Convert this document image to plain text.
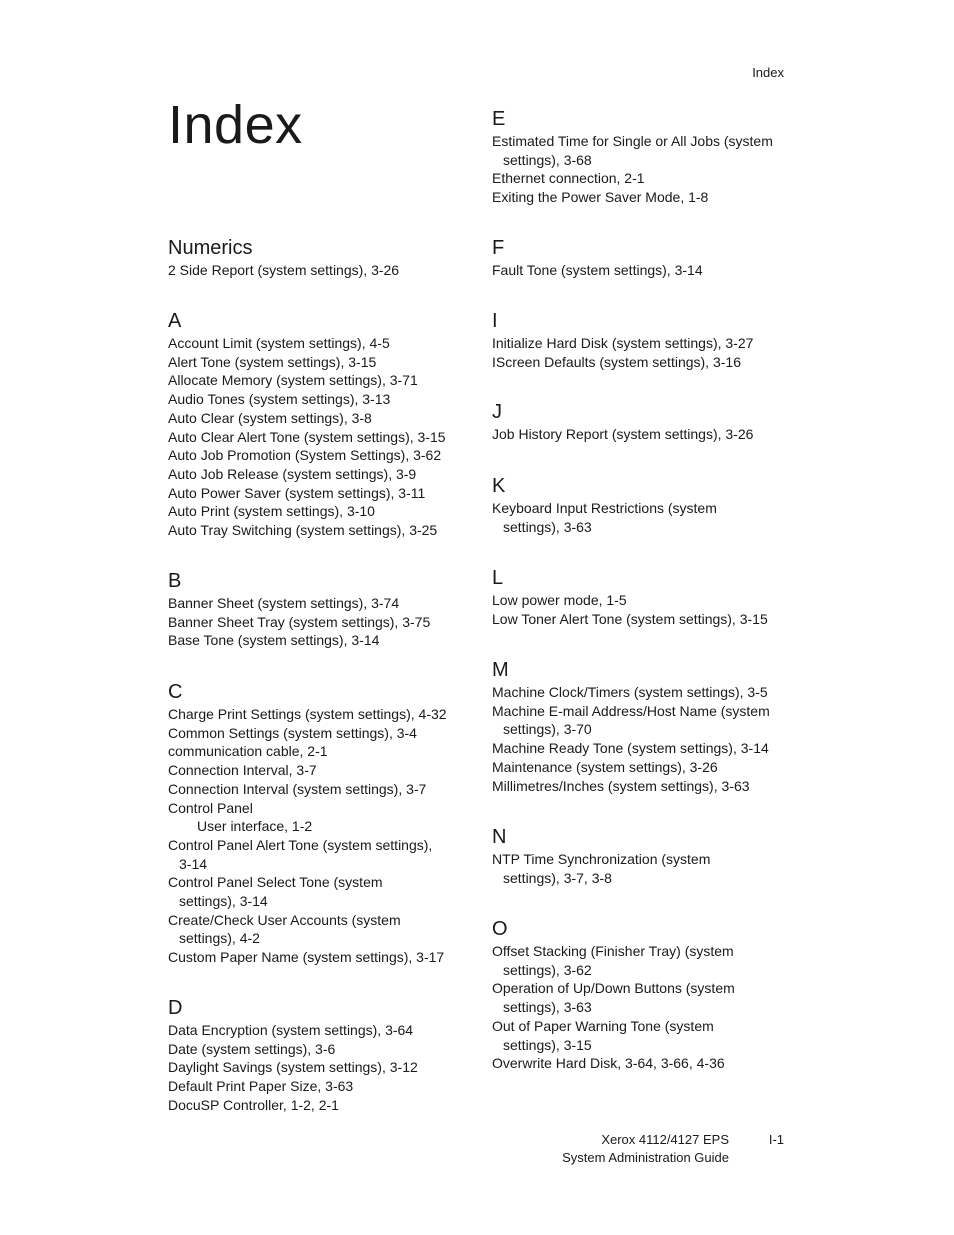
Index
Index
Numerics
2 Side Report (system settings), 3-26
A
Account Limit (system settings), 4-5
Alert Tone (system settings), 3-15
Allocate Memory (system settings), 3-71
Audio Tones (system settings), 3-13
Auto Clear (system settings), 3-8
Auto Clear Alert Tone (system settings), 3-15
Auto Job Promotion (System Settings), 3-62
Auto Job Release (system settings), 3-9
Auto Power Saver (system settings), 3-11
Auto Print (system settings), 3-10
Auto Tray Switching (system settings), 3-25
B
Banner Sheet (system settings), 3-74
Banner Sheet Tray (system settings), 3-75
Base Tone (system settings), 3-14
C
Charge Print Settings (system settings), 4-32
Common Settings (system settings), 3-4
communication cable, 2-1
Connection Interval, 3-7
Connection Interval (system settings), 3-7
Control Panel
User interface, 1-2
Control Panel Alert Tone (system settings),
3-14
Control Panel Select Tone (system
settings), 3-14
Create/Check User Accounts (system
settings), 4-2
Custom Paper Name (system settings), 3-17
D
Data Encryption (system settings), 3-64
Date (system settings), 3-6
Daylight Savings (system settings), 3-12
Default Print Paper Size, 3-63
DocuSP Controller, 1-2, 2-1
E
Estimated Time for Single or All Jobs (system
settings), 3-68
Ethernet connection, 2-1
Exiting the Power Saver Mode, 1-8
F
Fault Tone (system settings), 3-14
I
Initialize Hard Disk (system settings), 3-27
IScreen Defaults (system settings), 3-16
J
Job History Report (system settings), 3-26
K
Keyboard Input Restrictions (system
settings), 3-63
L
Low power mode, 1-5
Low Toner Alert Tone (system settings), 3-15
M
Machine Clock/Timers (system settings), 3-5
Machine E-mail Address/Host Name (system
settings), 3-70
Machine Ready Tone (system settings), 3-14
Maintenance (system settings), 3-26
Millimetres/Inches (system settings), 3-63
N
NTP Time Synchronization (system
settings), 3-7, 3-8
O
Offset Stacking (Finisher Tray) (system
settings), 3-62
Operation of Up/Down Buttons (system
settings), 3-63
Out of Paper Warning Tone (system
settings), 3-15
Overwrite Hard Disk, 3-64, 3-66, 4-36
Xerox 4112/4127 EPS
System Administration Guide
I-1
